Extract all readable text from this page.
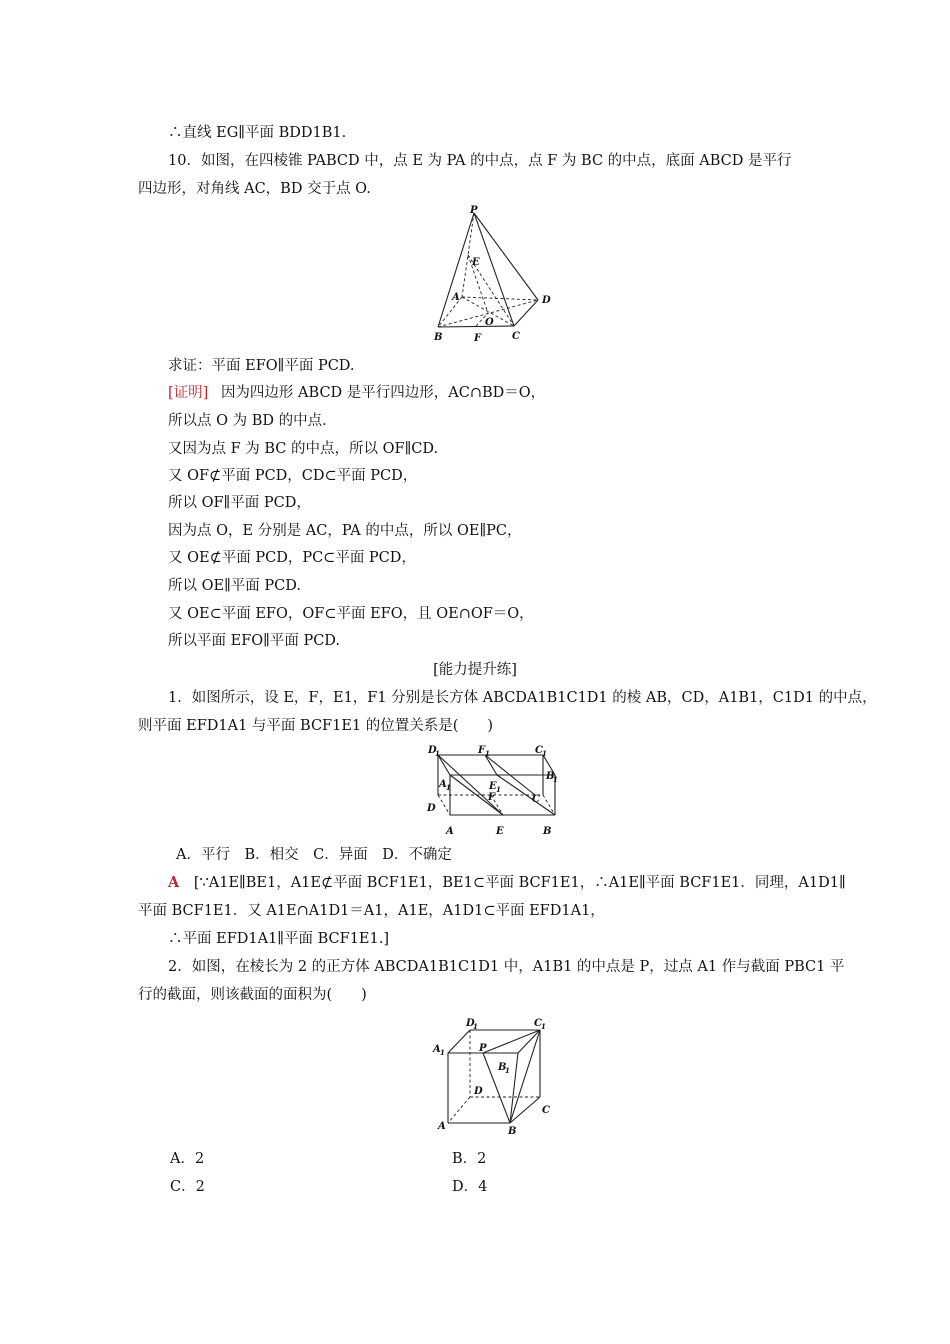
∴直线 EG∥平面 BDD1B1.
10．如图，在四棱锥 PABCD 中，点 E 为 PA 的中点，点 F 为 BC 的中点，底面 ABCD 是平行
四边形，对角线 AC，BD 交于点 O.
P
E
A	D
O
B	F	C
求证：平面 EFO∥平面 PCD.
[证明] 因为四边形 ABCD 是平行四边形，AC∩BD＝O，
所以点 O 为 BD 的中点．
又因为点 F 为 BC 的中点，所以 OF∥CD.
又 OF⊄平面 PCD，CD⊂平面 PCD，
所以 OF∥平面 PCD，
因为点 O，E 分别是 AC，PA 的中点，所以 OE∥PC，
又 OE⊄平面 PCD，PC⊂平面 PCD，
所以 OE∥平面 PCD.
又 OE⊂平面 EFO，OF⊂平面 EFO，且 OE∩OF＝O，
所以平面 EFO∥平面 PCD.
[能力提升练]
1．如图所示，设 E，F，E1，F1 分别是长方体 ABCDA1B1C1D1 的棱 AB，CD，A1B1，C1D1 的中点，
则平面 EFD1A1 与平面 BCF1E1 的位置关系是(　　)
D
1	F 1	C 1
B
1
A 1	E 1
F	C
D
A	E	B
A．平行　B．相交　C．异面　D．不确定
A [∵A1E∥BE1，A1E⊄平面 BCF1E1，BE1⊂平面 BCF1E1，∴A1E∥平面 BCF1E1．同理，A1D1∥
平面 BCF1E1．又 A1E∩A1D1＝A1，A1E，A1D1⊂平面 EFD1A1，
∴平面 EFD1A1∥平面 BCF1E1.]
2．如图，在棱长为 2 的正方体 ABCDA1B1C1D1 中，A1B1 的中点是 P，过点 A1 作与截面 PBC1 平
行的截面，则该截面的面积为(　　)
D
1	C 1
A 1	P
B
1
D
C
A	B
A．2	B．2
C．2	D．4
